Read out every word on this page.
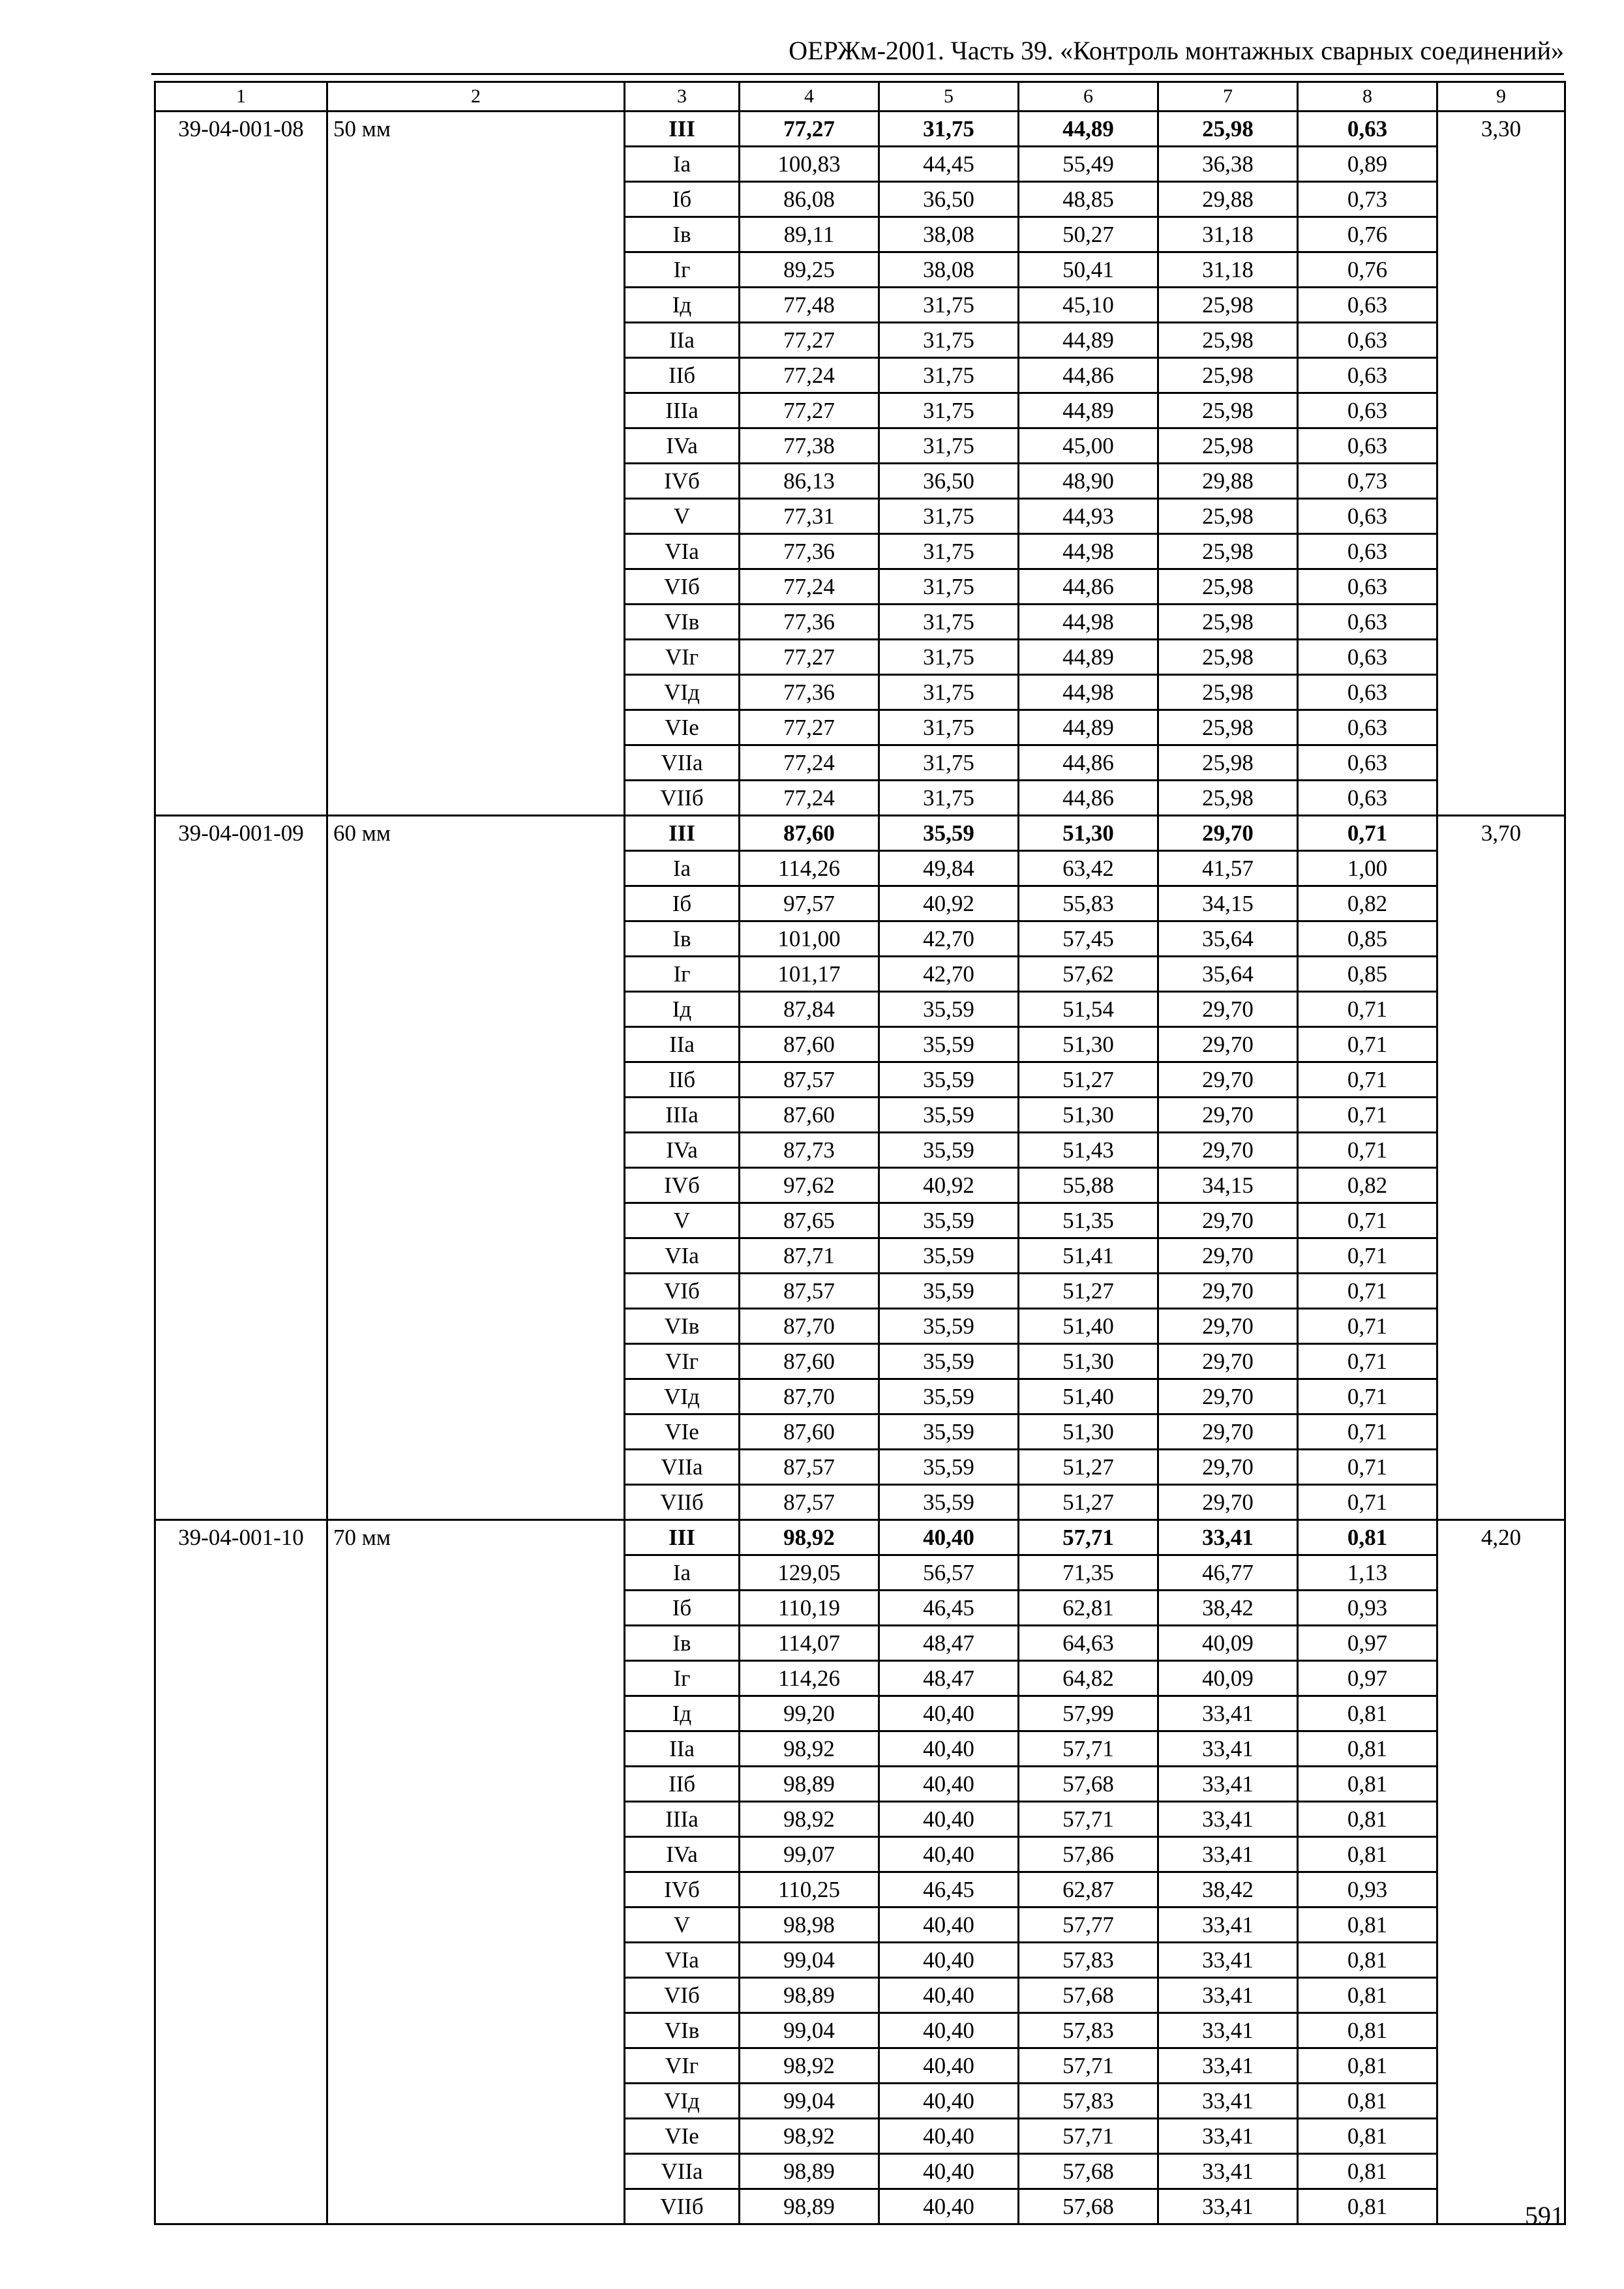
ОЕРЖм-2001. Часть 39. «Контроль монтажных сварных соединений»
1	2	3	4	5	6	7	8	9
39-04-001-08	50 мм	III	77,27	31,75	44,89	25,98	0,63	3,30
		Ia	100,83	44,45	55,49	36,38	0,89	
		Iб	86,08	36,50	48,85	29,88	0,73	
		Iв	89,11	38,08	50,27	31,18	0,76	
		Iг	89,25	38,08	50,41	31,18	0,76	
		Iд	77,48	31,75	45,10	25,98	0,63	
		IIa	77,27	31,75	44,89	25,98	0,63	
		IIб	77,24	31,75	44,86	25,98	0,63	
		IIIa	77,27	31,75	44,89	25,98	0,63	
		IVa	77,38	31,75	45,00	25,98	0,63	
		IVб	86,13	36,50	48,90	29,88	0,73	
		V	77,31	31,75	44,93	25,98	0,63	
		VIa	77,36	31,75	44,98	25,98	0,63	
		VIб	77,24	31,75	44,86	25,98	0,63	
		VIв	77,36	31,75	44,98	25,98	0,63	
		VIг	77,27	31,75	44,89	25,98	0,63	
		VIд	77,36	31,75	44,98	25,98	0,63	
		VIe	77,27	31,75	44,89	25,98	0,63	
		VIIa	77,24	31,75	44,86	25,98	0,63	
		VIIб	77,24	31,75	44,86	25,98	0,63	
39-04-001-09	60 мм	III	87,60	35,59	51,30	29,70	0,71	3,70
		Ia	114,26	49,84	63,42	41,57	1,00	
		Iб	97,57	40,92	55,83	34,15	0,82	
		Iв	101,00	42,70	57,45	35,64	0,85	
		Iг	101,17	42,70	57,62	35,64	0,85	
		Iд	87,84	35,59	51,54	29,70	0,71	
		IIa	87,60	35,59	51,30	29,70	0,71	
		IIб	87,57	35,59	51,27	29,70	0,71	
		IIIa	87,60	35,59	51,30	29,70	0,71	
		IVa	87,73	35,59	51,43	29,70	0,71	
		IVб	97,62	40,92	55,88	34,15	0,82	
		V	87,65	35,59	51,35	29,70	0,71	
		VIa	87,71	35,59	51,41	29,70	0,71	
		VIб	87,57	35,59	51,27	29,70	0,71	
		VIв	87,70	35,59	51,40	29,70	0,71	
		VIг	87,60	35,59	51,30	29,70	0,71	
		VIд	87,70	35,59	51,40	29,70	0,71	
		VIe	87,60	35,59	51,30	29,70	0,71	
		VIIa	87,57	35,59	51,27	29,70	0,71	
		VIIб	87,57	35,59	51,27	29,70	0,71	
39-04-001-10	70 мм	III	98,92	40,40	57,71	33,41	0,81	4,20
		Ia	129,05	56,57	71,35	46,77	1,13	
		Iб	110,19	46,45	62,81	38,42	0,93	
		Iв	114,07	48,47	64,63	40,09	0,97	
		Iг	114,26	48,47	64,82	40,09	0,97	
		Iд	99,20	40,40	57,99	33,41	0,81	
		IIa	98,92	40,40	57,71	33,41	0,81	
		IIб	98,89	40,40	57,68	33,41	0,81	
		IIIa	98,92	40,40	57,71	33,41	0,81	
		IVa	99,07	40,40	57,86	33,41	0,81	
		IVб	110,25	46,45	62,87	38,42	0,93	
		V	98,98	40,40	57,77	33,41	0,81	
		VIa	99,04	40,40	57,83	33,41	0,81	
		VIб	98,89	40,40	57,68	33,41	0,81	
		VIв	99,04	40,40	57,83	33,41	0,81	
		VIг	98,92	40,40	57,71	33,41	0,81	
		VIд	99,04	40,40	57,83	33,41	0,81	
		VIe	98,92	40,40	57,71	33,41	0,81	
		VIIa	98,89	40,40	57,68	33,41	0,81	
		VIIб	98,89	40,40	57,68	33,41	0,81		591
